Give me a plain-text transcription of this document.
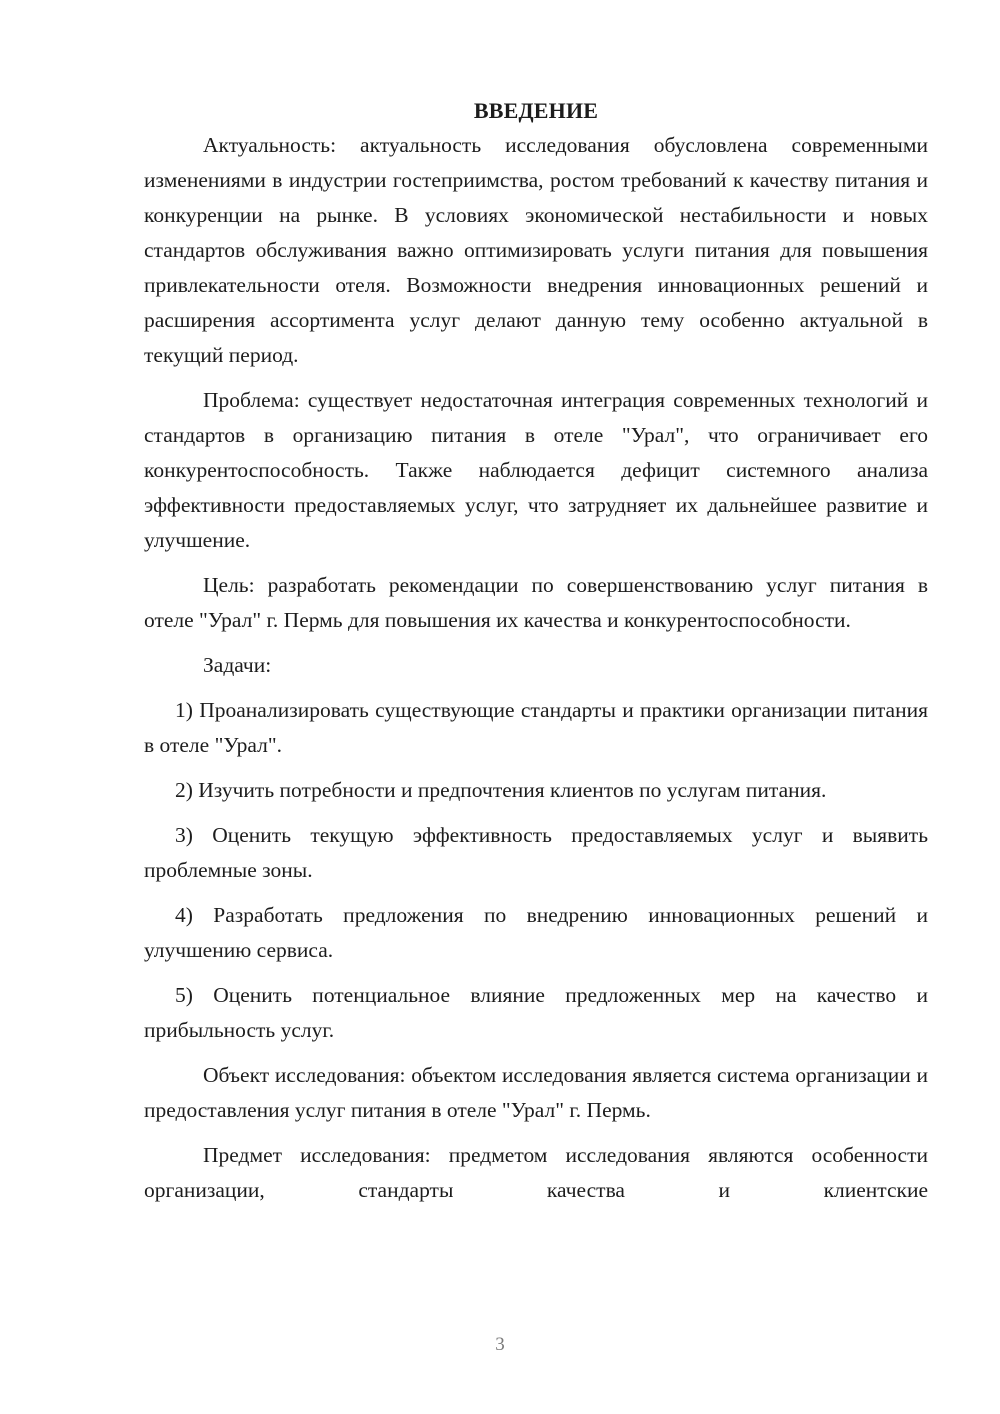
ВВЕДЕНИЕ

Актуальность: актуальность исследования обусловлена современными изменениями в индустрии гостеприимства, ростом требований к качеству питания и конкуренции на рынке. В условиях экономической нестабильности и новых стандартов обслуживания важно оптимизировать услуги питания для повышения привлекательности отеля. Возможности внедрения инновационных решений и расширения ассортимента услуг делают данную тему особенно актуальной в текущий период.

Проблема: существует недостаточная интеграция современных технологий и стандартов в организацию питания в отеле "Урал", что ограничивает его конкурентоспособность. Также наблюдается дефицит системного анализа эффективности предоставляемых услуг, что затрудняет их дальнейшее развитие и улучшение.

Цель: разработать рекомендации по совершенствованию услуг питания в отеле "Урал" г. Пермь для повышения их качества и конкурентоспособности.

Задачи:

1) Проанализировать существующие стандарты и практики организации питания в отеле "Урал".

2) Изучить потребности и предпочтения клиентов по услугам питания.

3) Оценить текущую эффективность предоставляемых услуг и выявить проблемные зоны.

4) Разработать предложения по внедрению инновационных решений и улучшению сервиса.

5) Оценить потенциальное влияние предложенных мер на качество и прибыльность услуг.

Объект исследования: объектом исследования является система организации и предоставления услуг питания в отеле "Урал" г. Пермь.

Предмет исследования: предметом исследования являются особенности организации, стандарты качества и клиентские

3
